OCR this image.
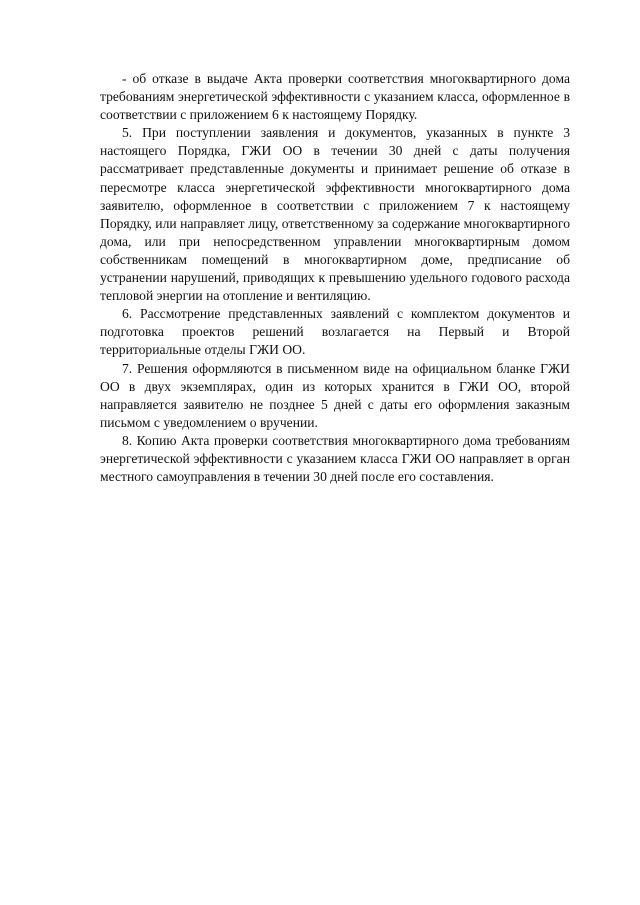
- об отказе в выдаче Акта проверки соответствия многоквартирного дома требованиям энергетической эффективности с указанием класса, оформленное в соответствии с приложением 6 к настоящему Порядку.

5. При поступлении заявления и документов, указанных в пункте 3 настоящего Порядка, ГЖИ ОО в течении 30 дней с даты получения рассматривает представленные документы и принимает решение об отказе в пересмотре класса энергетической эффективности многоквартирного дома заявителю, оформленное в соответствии с приложением 7 к настоящему Порядку, или направляет лицу, ответственному за содержание многоквартирного дома, или при непосредственном управлении многоквартирным домом собственникам помещений в многоквартирном доме, предписание об устранении нарушений, приводящих к превышению удельного годового расхода тепловой энергии на отопление и вентиляцию.

6. Рассмотрение представленных заявлений с комплектом документов и подготовка проектов решений возлагается на Первый и Второй территориальные отделы ГЖИ ОО.

7. Решения оформляются в письменном виде на официальном бланке ГЖИ ОО в двух экземплярах, один из которых хранится в ГЖИ ОО, второй направляется заявителю не позднее 5 дней с даты его оформления заказным письмом с уведомлением о вручении.

8. Копию Акта проверки соответствия многоквартирного дома требованиям энергетической эффективности с указанием класса ГЖИ ОО направляет в орган местного самоуправления в течении 30 дней после его составления.
